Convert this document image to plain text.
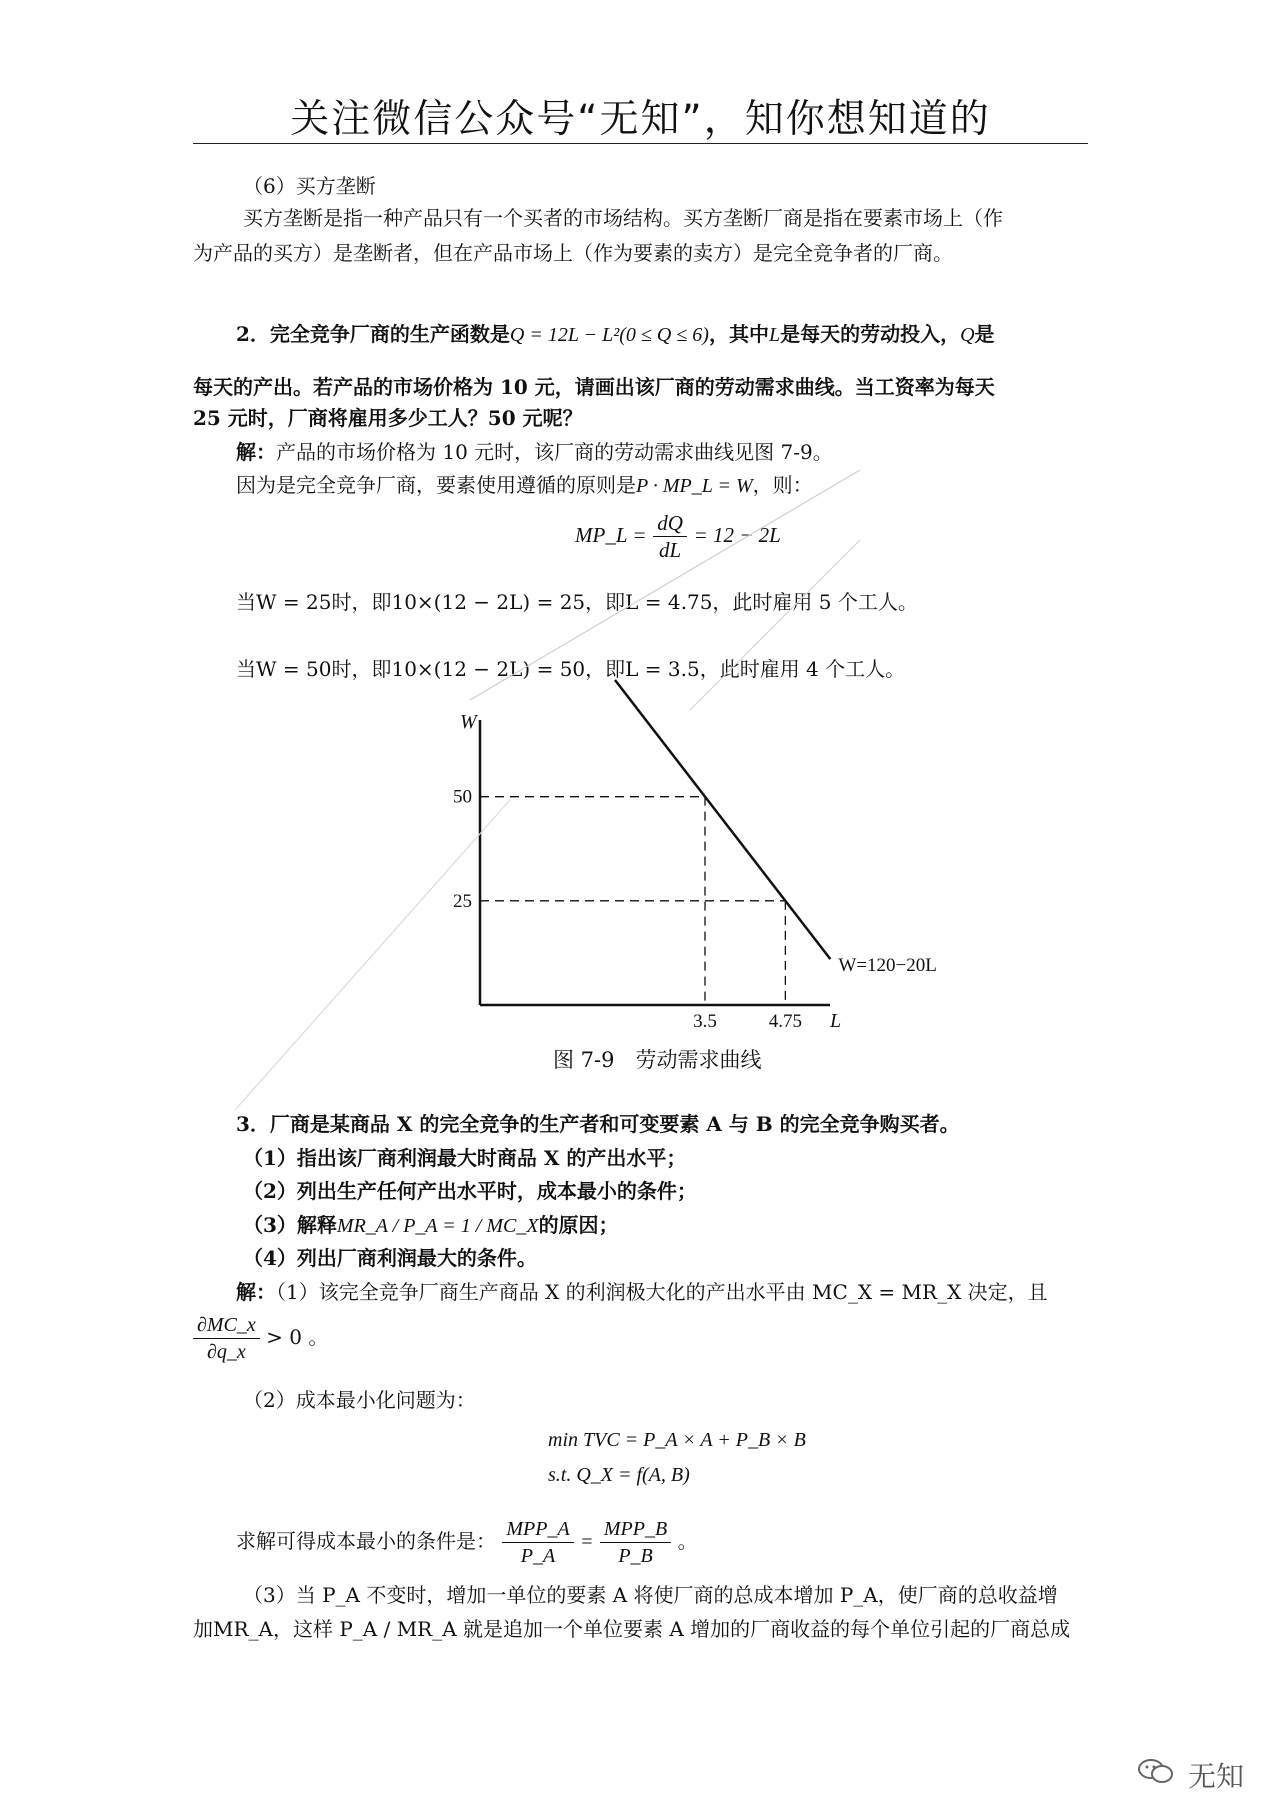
关注微信公众号“无知”，知你想知道的
（6）买方垄断
买方垄断是指一种产品只有一个买者的市场结构。买方垄断厂商是指在要素市场上（作
为产品的买方）是垄断者，但在产品市场上（作为要素的卖方）是完全竞争者的厂商。
2．完全竞争厂商的生产函数是Q = 12L − L²(0 ≤ Q ≤ 6)，其中L是每天的劳动投入，Q是
每天的产出。若产品的市场价格为 10 元，请画出该厂商的劳动需求曲线。当工资率为每天
25 元时，厂商将雇用多少工人？50 元呢？
解：产品的市场价格为 10 元时，该厂商的劳动需求曲线见图 7-9。
因为是完全竞争厂商，要素使用遵循的原则是P · MP_L = W，则：
MP_L = $\frac{dQ}{dL} = 12 - 2L$
当W = 25时，即10×(12 − 2L) = 25，即L = 4.75，此时雇用 5 个工人。
当W = 50时，即10×(12 − 2L) = 50，即L = 3.5，此时雇用 4 个工人。
W
L
W=120−20L
25
50
3.5	4.75
图 7-9　劳动需求曲线
3．厂商是某商品 X 的完全竞争的生产者和可变要素 A 与 B 的完全竞争购买者。
（1）指出该厂商利润最大时商品 X 的产出水平；
（2）列出生产任何产出水平时，成本最小的条件；
（3）解释MR_A / P_A = 1 / MC_X的原因；
（4）列出厂商利润最大的条件。
解：（1）该完全竞争厂商生产商品 X 的利润极大化的产出水平由 MC_X = MR_X 决定，且
$\frac{\partial MC\_x}{\partial q\_x} > 0$ 。
（2）成本最小化问题为：
min TVC = P_A × A + P_B × B
s.t. Q_X = f(A, B)
求解可得成本最小的条件是： $\frac{\text{MPP\_A}}{P\_A} = \frac{\text{MPP\_B}}{P\_B}$ 。
（3）当 P_A 不变时，增加一单位的要素 A 将使厂商的总成本增加 P_A，使厂商的总收益增
加MR_A，这样 P_A / MR_A 就是追加一个单位要素 A 增加的厂商收益的每个单位引起的厂商总成
无知
